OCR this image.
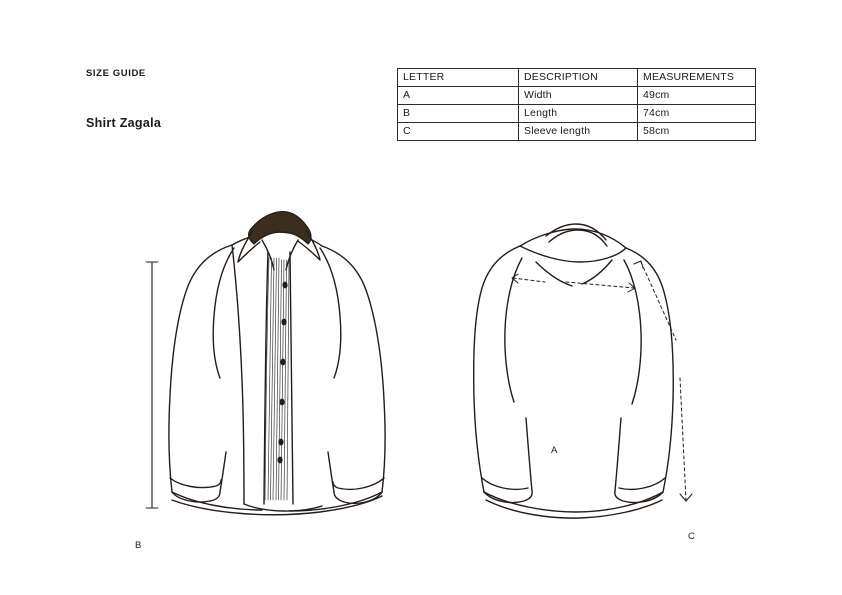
SIZE GUIDE
Shirt Zagala
LETTER	DESCRIPTION	MEASUREMENTS
A	Width	49cm
B	Length	74cm
C	Sleeve length	58cm
B
A
C
